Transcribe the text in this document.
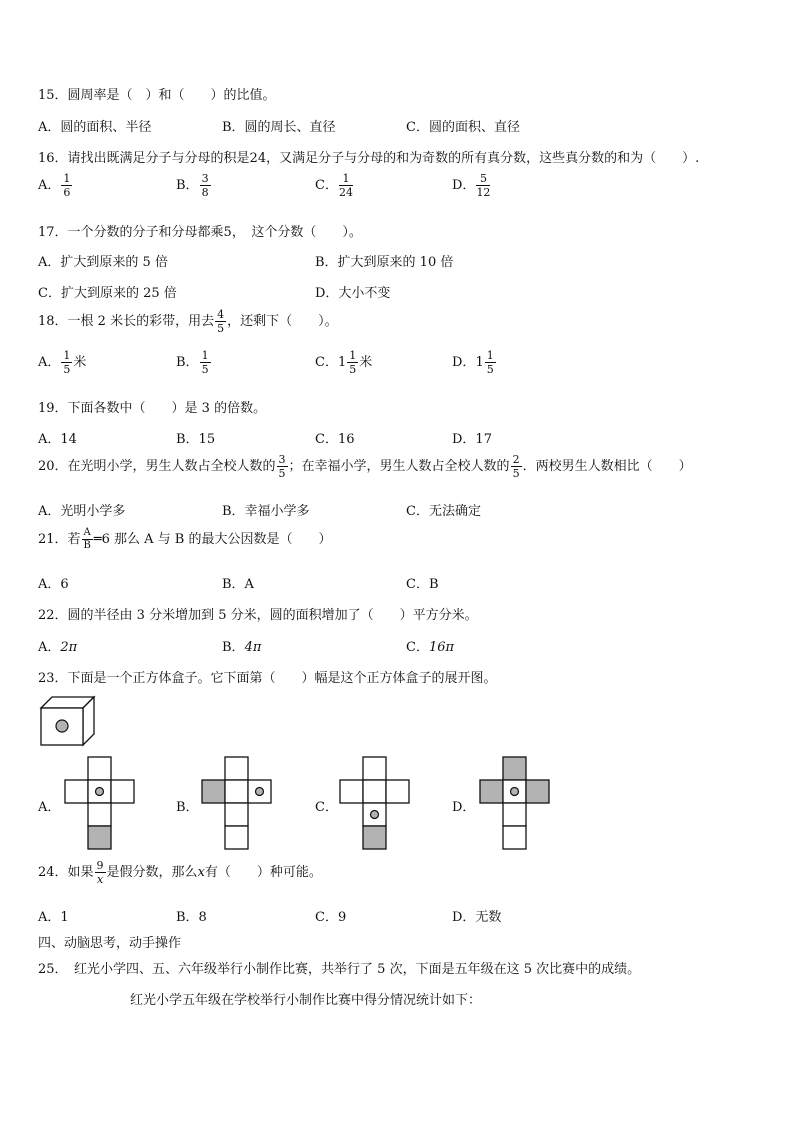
15．圆周率是（　）和（　　）的比值。
A．圆的面积、半径	B．圆的周长、直径	C．圆的面积、直径
16．请找出既满足分子与分母的积是24，又满足分子与分母的和为奇数的所有真分数，这些真分数的和为（　　）.
A． $\frac{1}{6}$	B． $\frac{3}{8}$	C． $\frac{1}{24}$	D． $\frac{5}{12}$
17．一个分数的分子和分母都乘5，　这个分数（　　）。
A．扩大到原来的 5 倍	B．扩大到原来的 10 倍
C．扩大到原来的 25 倍	D．大小不变
18．一根 2 米长的彩带，用去 $\frac{4}{5}$ ，还剩下（　　）。
A． $\frac{1}{5}$ 米	B． $\frac{1}{5}$	C．$1 \frac{1}{5}$ 米	D．$1 \frac{1}{5}$
19．下面各数中（　　）是 3 的倍数。
A．14	B．15	C．16	D．17
20．在光明小学，男生人数占全校人数的 $\frac{3}{5}$ ；在幸福小学，男生人数占全校人数的 $\frac{2}{5}$ ．两校男生人数相比（　　）
A．光明小学多	B．幸福小学多	C．无法确定
21．若 $\frac{A}{B}$ ═6 那么 A 与 B 的最大公因数是（　　）
A．6	B．A	C．B
22．圆的半径由 3 分米增加到 5 分米，圆的面积增加了（　　）平方分米。
A．2π	B．4π	C．16π
23．下面是一个正方体盒子。它下面第（　　）幅是这个正方体盒子的展开图。
A．	B．	C．	D．
24．如果 $\frac{9}{x}$ 是假分数，那么x有（　　）种可能。
A．1	B．8	C．9	D．无数
四、动脑思考，动手操作
25．　红光小学四、五、六年级举行小制作比赛，共举行了 5 次，下面是五年级在这 5 次比赛中的成绩。
红光小学五年级在学校举行小制作比赛中得分情况统计如下：
